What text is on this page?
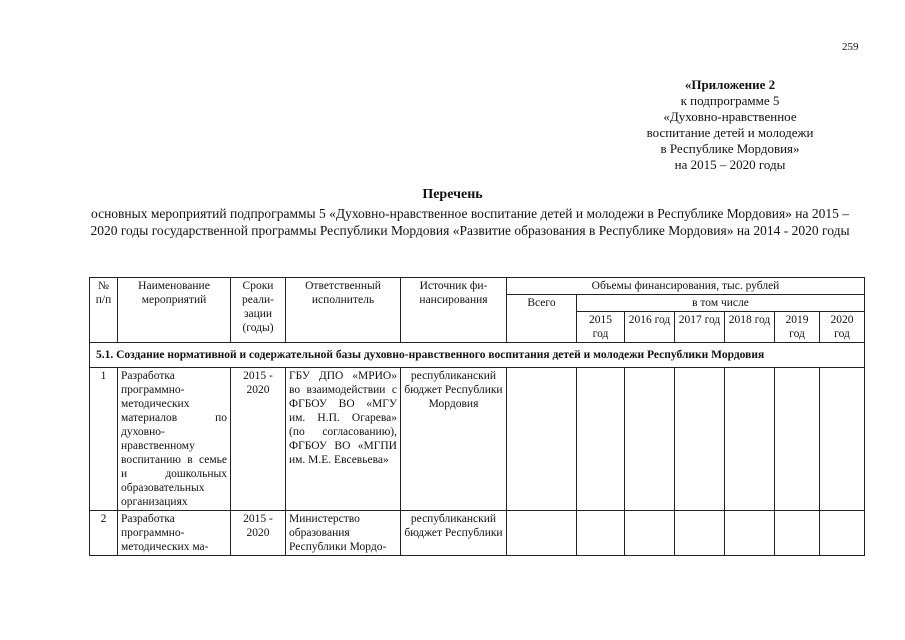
259
«Приложение 2
к подпрограмме 5
«Духовно-нравственное
воспитание детей и молодежи
в Республике Мордовия»
на 2015 – 2020 годы
Перечень
основных мероприятий подпрограммы 5 «Духовно-нравственное воспитание детей и молодежи в Республике Мордовия» на 2015 – 2020 годы государственной программы Республики Мордовия «Развитие образования в Республике Мордовия» на 2014 - 2020 годы
№ п/п	Наименование мероприятий	Сроки реали-зации (годы)	Ответственный исполнитель	Источник фи-нансирования	Объемы финансирования, тыс. рублей						
					Всего	в том числе					
						2015 год	2016 год	2017 год	2018 год	2019 год	2020 год
5.1. Создание нормативной и содержательной базы духовно-нравственного воспитания детей и молодежи Республики Мордовия											
1	Разработка программно-методических материалов по духовно-нравственному воспитанию в семье и дошкольных образовательных организациях	2015 - 2020	ГБУ ДПО «МРИО» во взаимодействии с ФГБОУ ВО «МГУ им. Н.П. Огарева» (по согласованию), ФГБОУ ВО «МГПИ им. М.Е. Евсевьева»	республиканский бюджет Республики Мордовия							
2	Разработка программно-методических ма-	2015 - 2020	Министерство образования Республики Мордо-	республиканский бюджет Республики							
